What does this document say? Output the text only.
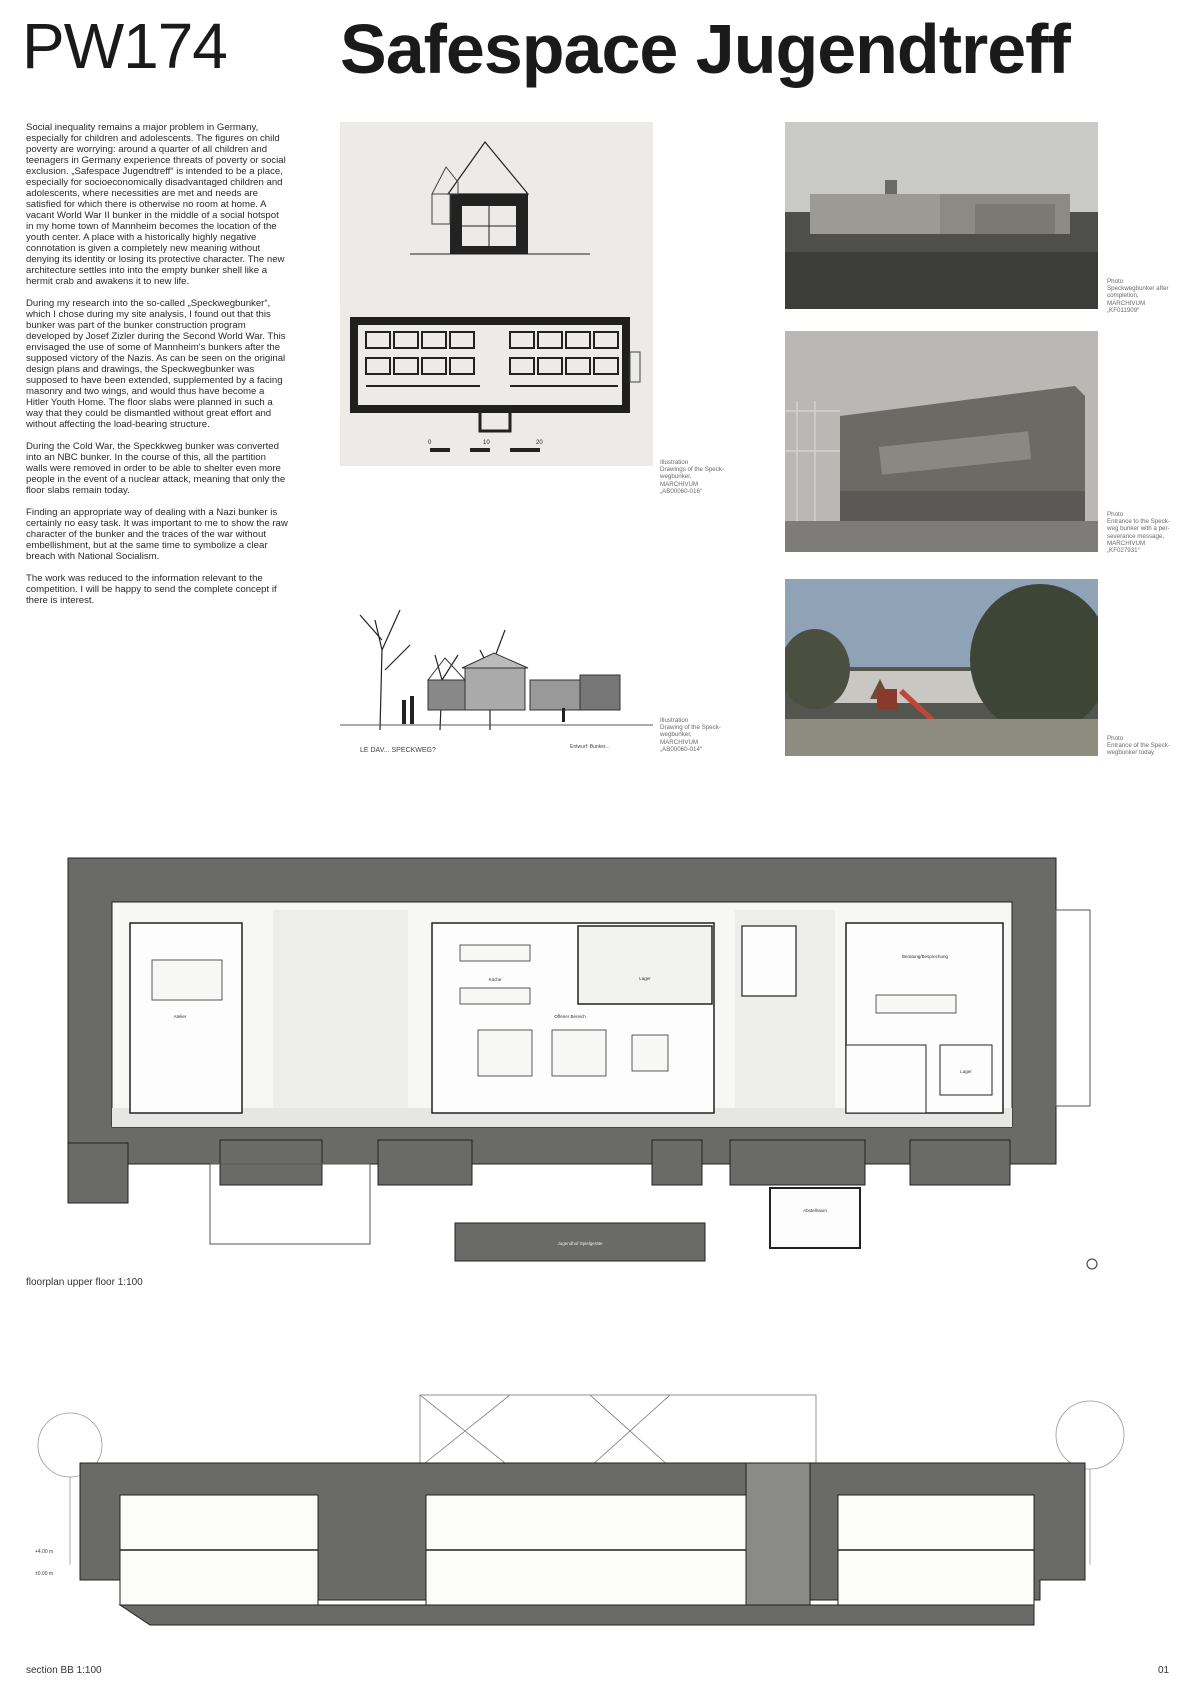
PW174 Safespace Jugendtreff

Social inequality remains a major problem in Germany, especially for children and adolescents. The figures on child poverty are worrying: around a quarter of all children and teenagers in Germany experience threats of poverty or social exclusion. „Safespace Jugendtreff“ is intended to be a place, especially for socioeconomically disadvantaged children and adolescents, where necessities are met and needs are satisfied for which there is otherwise no room at home. A vacant World War II bunker in the middle of a social hotspot in my home town of Mannheim becomes the location of the youth center. A place with a historically highly negative connotation is given a completely new meaning without denying its identity or losing its protective character. The new architecture settles into into the empty bunker shell like a hermit crab and awakens it to new life.

During my research into the so-called „Speckwegbunker“, which I chose during my site analysis, I found out that this bunker was part of the bunker construction program developed by Josef Zizler during the Second World War. This envisaged the use of some of Mannheim's bunkers after the supposed victory of the Nazis. As can be seen on the original design plans and drawings, the Speckwegbunker was supposed to have been extended, supplemented by a facing masonry and two wings, and would thus have become a Hitler Youth Home. The floor slabs were planned in such a way that they could be dismantled without great effort and without affecting the load-bearing structure.

During the Cold War, the Speckkweg bunker was converted into an NBC bunker. In the course of this, all the partition walls were removed in order to be able to shelter even more people in the event of a nuclear attack, meaning that only the floor slabs remain today.

Finding an appropriate way of dealing with a Nazi bunker is certainly no easy task. It was important to me to show the raw character of the bunker and the traces of the war without embellishment, but at the same time to symbolize a clear breach with National Socialism.

The work was reduced to the information relevant to the competition. I will be happy to send the complete concept if there is interest.

0	10	20
Illustration
Drawings of the Speck-
wegbunker,
MARCHIVUM
„AB00060-016“
LE DAV... SPECKWEG?	Entwurf: Bunker...
Illustration
Drawing of the Speck-
wegbunker,
MARCHIVUM
„AB00060-014“
Photo
Speckwegbunker after
completion,
MARCHIVUM
„KF011909“
Photo
Entrance to the Speck-
weg bunker with a per-
severance message,
MARCHIVUM
„KF027931“
Photo
Entrance of the Speck-
wegbunker today
Atelier
Küche	Lager
Offener Bereich
Beratung/Besprechung
Lager
Jugendhof Spielgeräte
Abstellraum
floorplan upper floor 1:100
+4.00 m
±0.00 m
section BB 1:100	01
